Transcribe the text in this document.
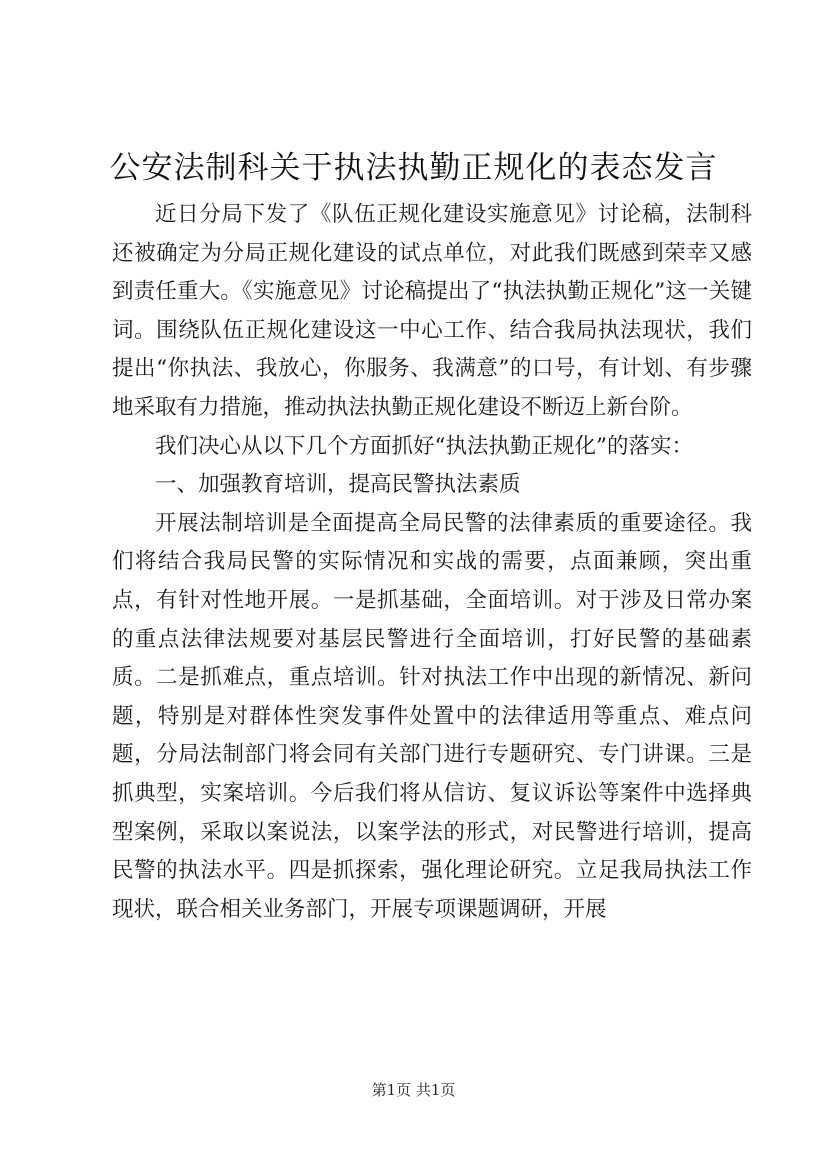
公安法制科关于执法执勤正规化的表态发言

近日分局下发了《队伍正规化建设实施意见》讨论稿，法制科还被确定为分局正规化建设的试点单位，对此我们既感到荣幸又感到责任重大。《实施意见》讨论稿提出了“执法执勤正规化”这一关键词。围绕队伍正规化建设这一中心工作、结合我局执法现状，我们提出“你执法、我放心，你服务、我满意”的口号，有计划、有步骤地采取有力措施，推动执法执勤正规化建设不断迈上新台阶。

我们决心从以下几个方面抓好“执法执勤正规化”的落实：

一、加强教育培训，提高民警执法素质

开展法制培训是全面提高全局民警的法律素质的重要途径。我们将结合我局民警的实际情况和实战的需要，点面兼顾，突出重点，有针对性地开展。一是抓基础，全面培训。对于涉及日常办案的重点法律法规要对基层民警进行全面培训，打好民警的基础素质。二是抓难点，重点培训。针对执法工作中出现的新情况、新问题，特别是对群体性突发事件处置中的法律适用等重点、难点问题，分局法制部门将会同有关部门进行专题研究、专门讲课。三是抓典型，实案培训。今后我们将从信访、复议诉讼等案件中选择典型案例，采取以案说法，以案学法的形式，对民警进行培训，提高民警的执法水平。四是抓探索，强化理论研究。立足我局执法工作现状，联合相关业务部门，开展专项课题调研，开展

第1页 共1页
